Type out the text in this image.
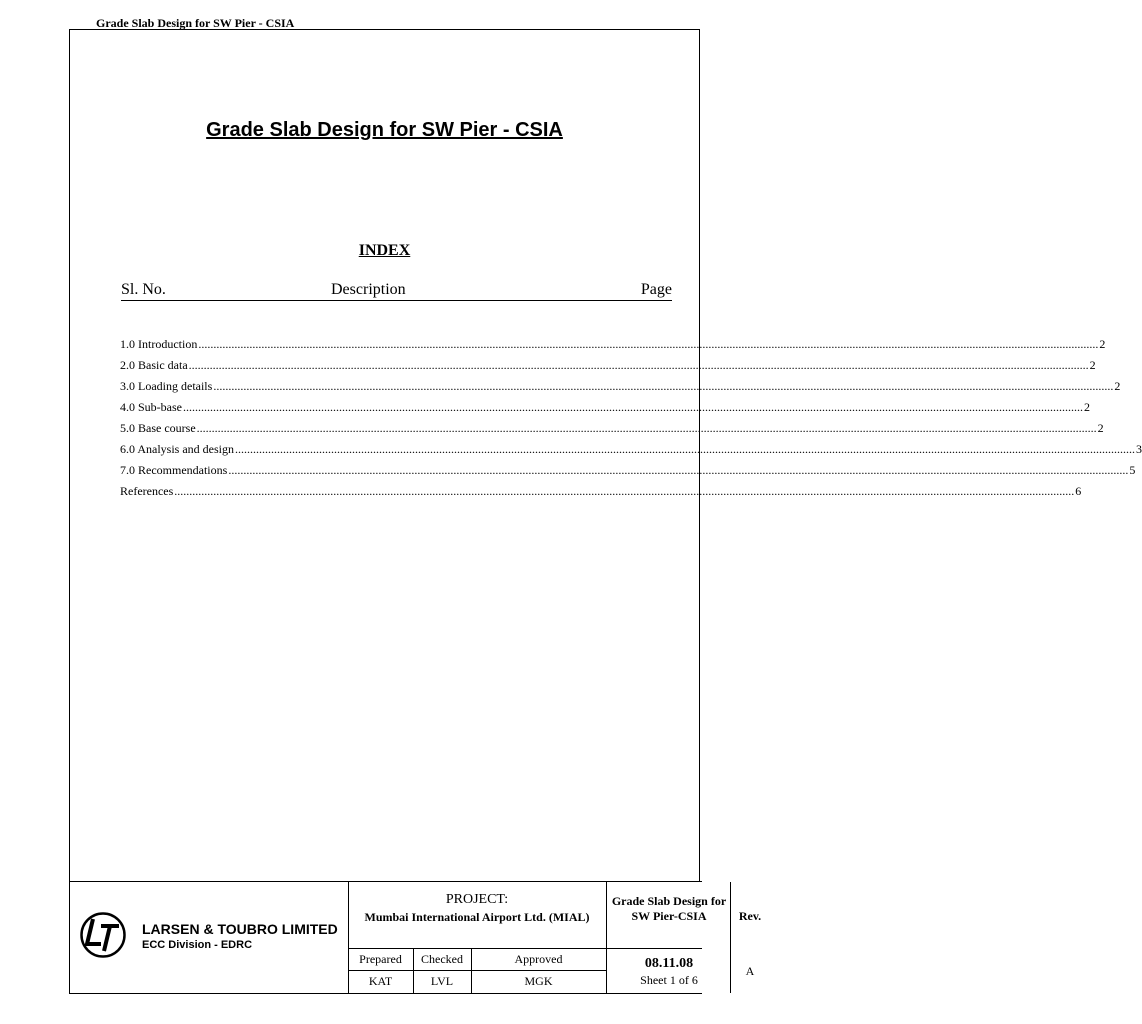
Grade Slab Design for SW Pier - CSIA
Grade Slab Design for SW Pier - CSIA
INDEX
Sl. No.	Description	Page
1.0 Introduction ............................................................................................................................................................................................................................................................................................................ 2
2.0 Basic data ............................................................................................................................................................................................................................................................................................................ 2
3.0 Loading details ............................................................................................................................................................................................................................................................................................................ 2
4.0 Sub-base ............................................................................................................................................................................................................................................................................................................ 2
5.0 Base course ............................................................................................................................................................................................................................................................................................................ 2
6.0 Analysis and design ............................................................................................................................................................................................................................................................................................................ 3
7.0 Recommendations ............................................................................................................................................................................................................................................................................................................ 5
References ............................................................................................................................................................................................................................................................................................................ 6
LARSEN & TOUBRO LIMITED
ECC Division - EDRC
PROJECT:
Mumbai International Airport Ltd. (MIAL)
Grade Slab Design for SW Pier-CSIA	Rev.
Prepared	Checked	Approved
KAT	LVL	MGK
08.11.08
Sheet 1 of 6
A
